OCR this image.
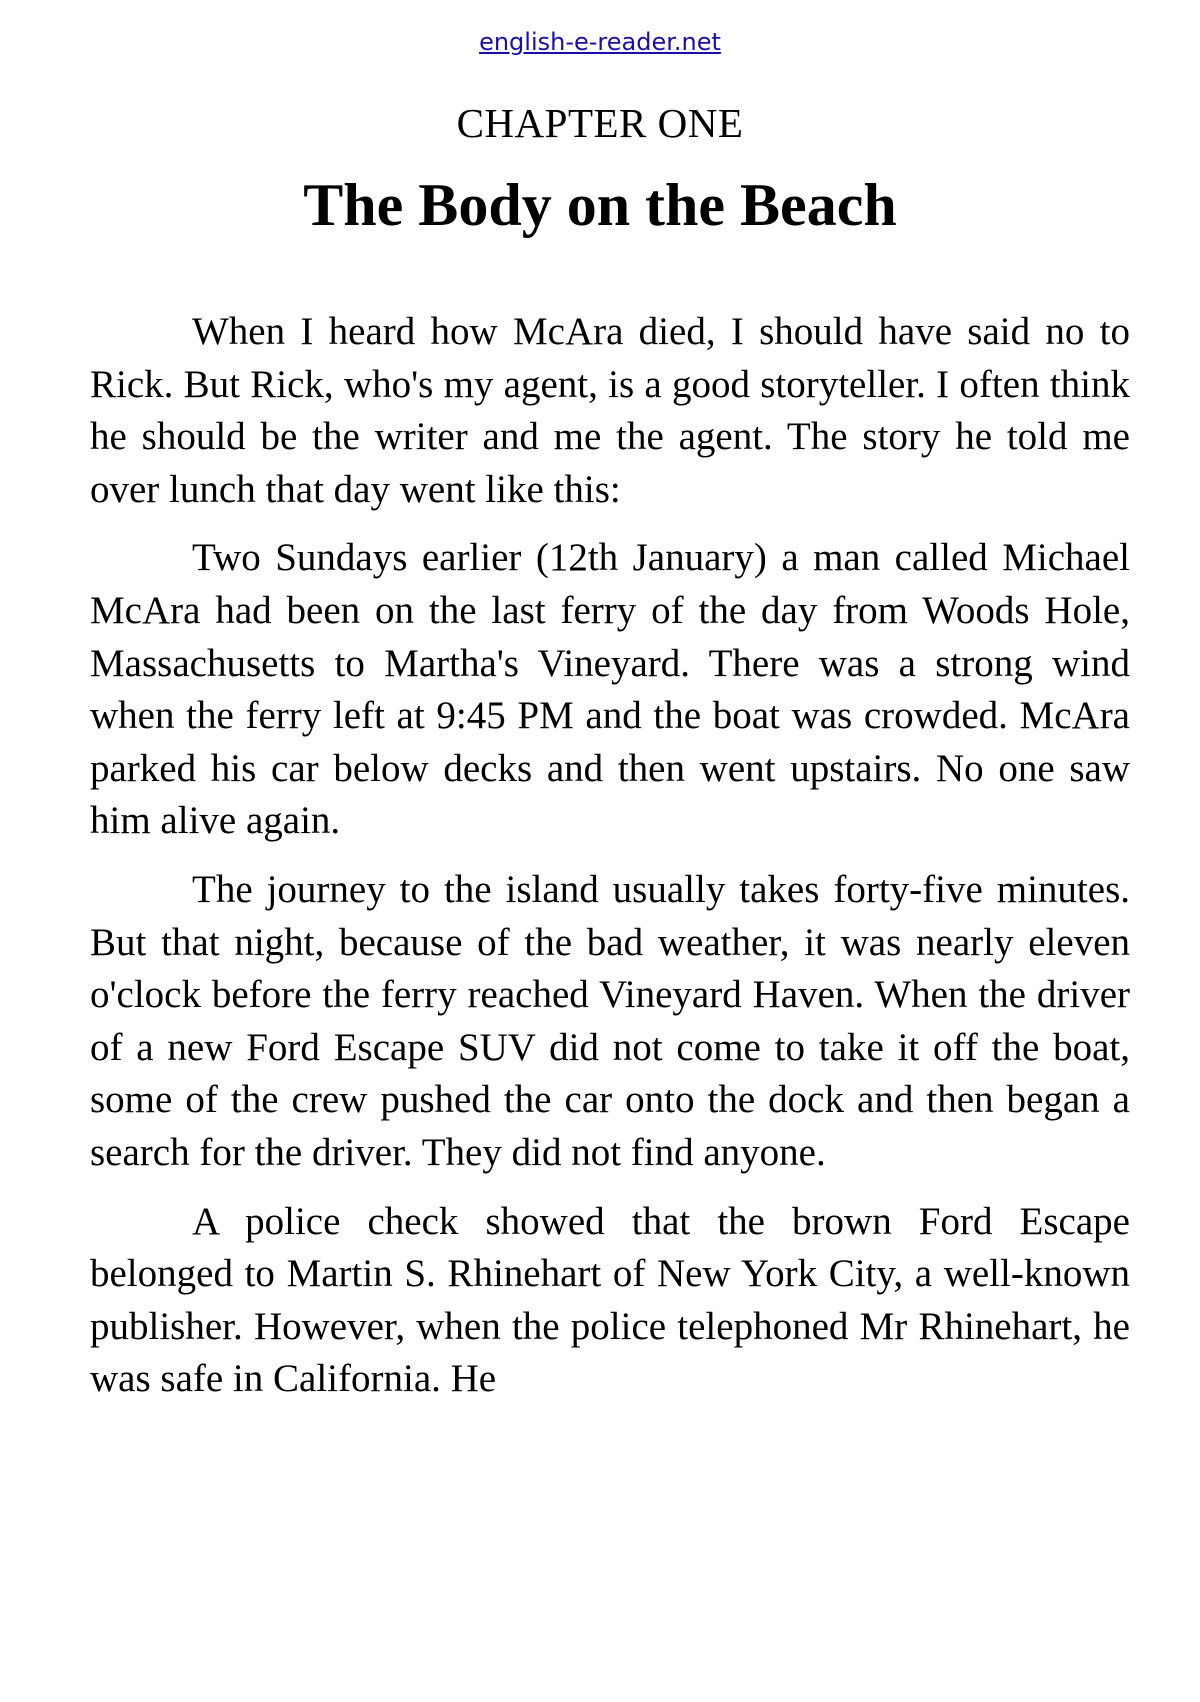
english-e-reader.net
CHAPTER ONE
The Body on the Beach

When I heard how McAra died, I should have said no to Rick. But Rick, who's my agent, is a good storyteller. I often think he should be the writer and me the agent. The story he told me over lunch that day went like this:

Two Sundays earlier (12th January) a man called Michael McAra had been on the last ferry of the day from Woods Hole, Massachusetts to Martha's Vineyard. There was a strong wind when the ferry left at 9:45 PM and the boat was crowded. McAra parked his car below decks and then went upstairs. No one saw him alive again.

The journey to the island usually takes forty-five minutes. But that night, because of the bad weather, it was nearly eleven o'clock before the ferry reached Vineyard Haven. When the driver of a new Ford Escape SUV did not come to take it off the boat, some of the crew pushed the car onto the dock and then began a search for the driver. They did not find anyone.

A police check showed that the brown Ford Escape belonged to Martin S. Rhinehart of New York City, a well-known publisher. However, when the police telephoned Mr Rhinehart, he was safe in California. He
